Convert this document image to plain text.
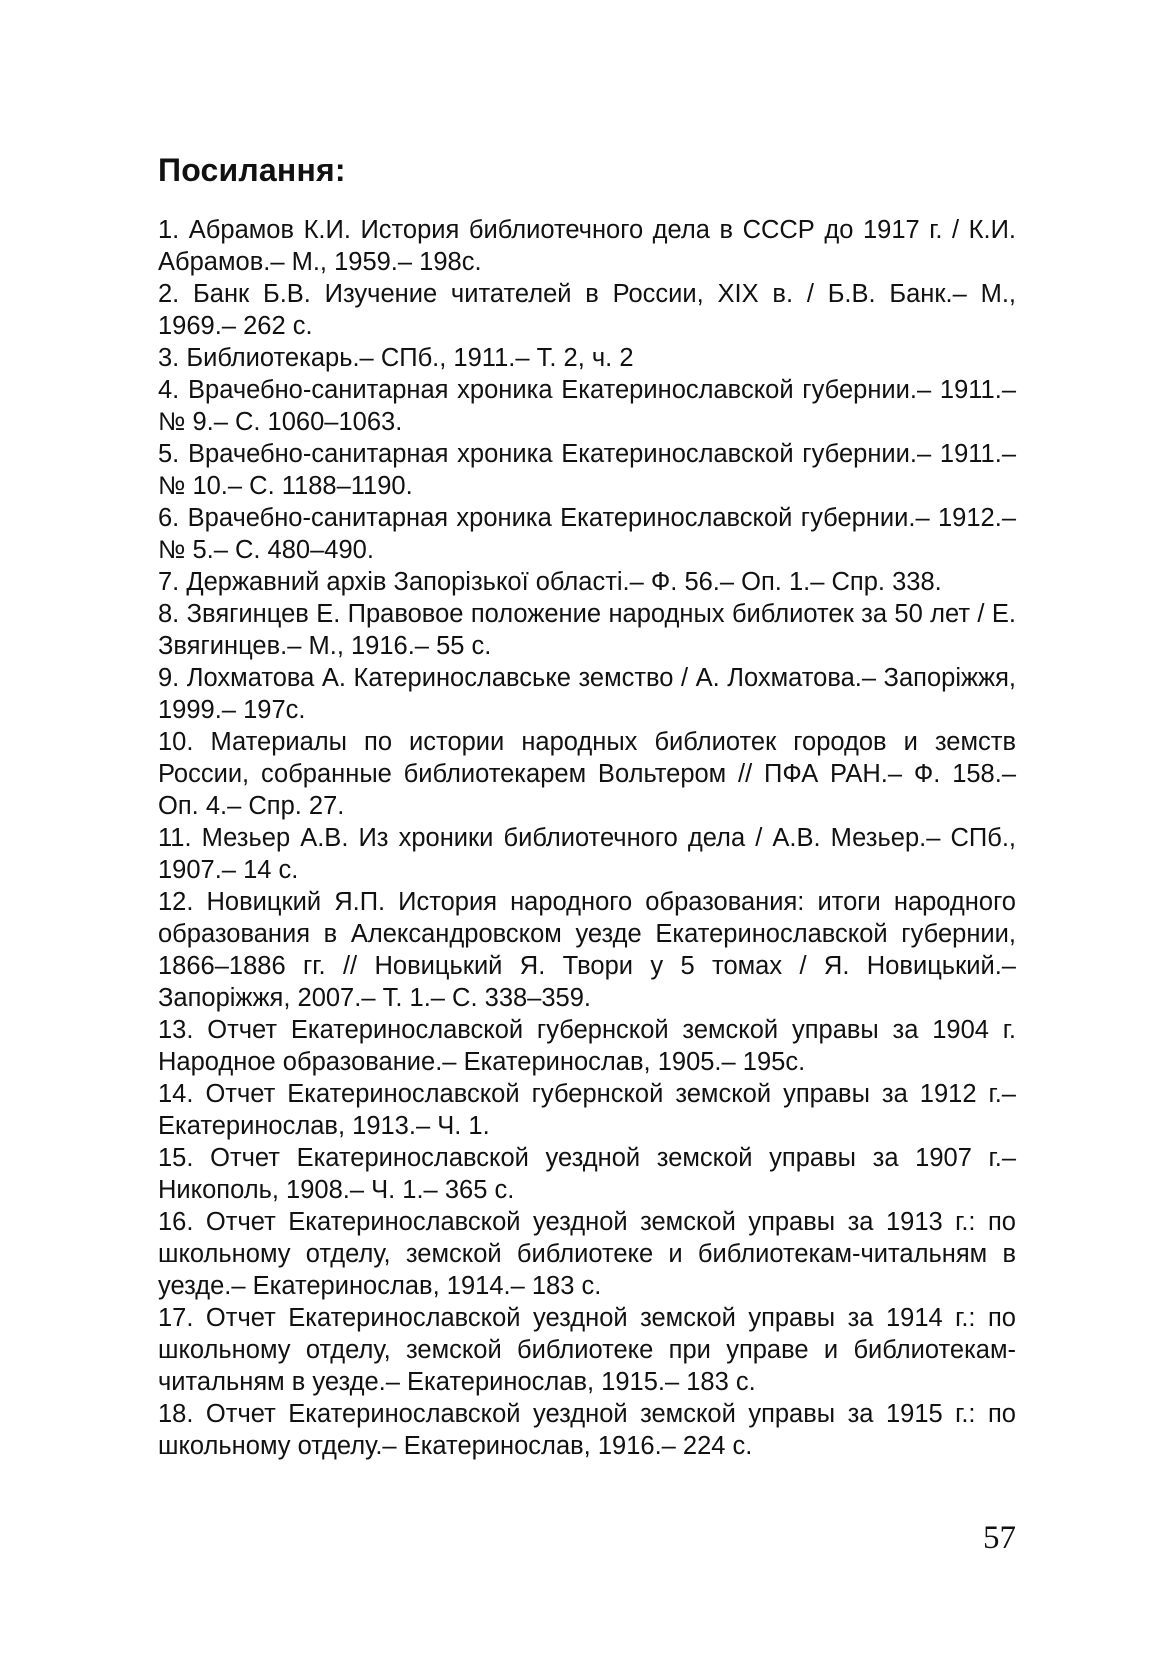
Посилання:
1. Абрамов К.И. История библиотечного дела в СССР до 1917 г. / К.И. Абрамов.– М., 1959.– 198с.
2. Банк Б.В. Изучение читателей в России, XIX в. / Б.В. Банк.– М., 1969.– 262 с.
3. Библиотекарь.– СПб., 1911.– Т. 2, ч. 2
4. Врачебно-санитарная хроника Екатеринославской губернии.– 1911.– № 9.– С. 1060–1063.
5. Врачебно-санитарная хроника Екатеринославской губернии.– 1911.– № 10.– С. 1188–1190.
6. Врачебно-санитарная хроника Екатеринославской губернии.– 1912.– № 5.– С. 480–490.
7. Державний архів Запорізької області.– Ф. 56.– Оп. 1.– Спр. 338.
8. Звягинцев Е. Правовое положение народных библиотек за 50 лет / Е. Звягинцев.– М., 1916.– 55 с.
9. Лохматова А. Катеринославське земство / А. Лохматова.– Запоріжжя, 1999.– 197с.
10. Материалы по истории народных библиотек городов и земств России, собранные библиотекарем Вольтером // ПФА РАН.– Ф. 158.– Оп. 4.– Спр. 27.
11. Мезьер А.В. Из хроники библиотечного дела / А.В. Мезьер.– СПб., 1907.– 14 с.
12. Новицкий Я.П. История народного образования: итоги народного образования в Александровском уезде Екатеринославской губернии, 1866–1886 гг. // Новицький Я. Твори у 5 томах / Я. Новицький.– Запоріжжя, 2007.– Т. 1.– С. 338–359.
13. Отчет Екатеринославской губернской земской управы за 1904 г. Народное образование.– Екатеринослав, 1905.– 195с.
14. Отчет Екатеринославской губернской земской управы за 1912 г.– Екатеринослав, 1913.– Ч. 1.
15. Отчет Екатеринославской уездной земской управы за 1907 г.– Никополь, 1908.– Ч. 1.– 365 с.
16. Отчет Екатеринославской уездной земской управы за 1913 г.: по школьному отделу, земской библиотеке и библиотекам-читальням в уезде.– Екатеринослав, 1914.– 183 с.
17. Отчет Екатеринославской уездной земской управы за 1914 г.: по школьному отделу, земской библиотеке при управе и библиотекам-читальням в уезде.– Екатеринослав, 1915.– 183 с.
18. Отчет Екатеринославской уездной земской управы за 1915 г.: по школьному отделу.– Екатеринослав, 1916.– 224 с.
57
